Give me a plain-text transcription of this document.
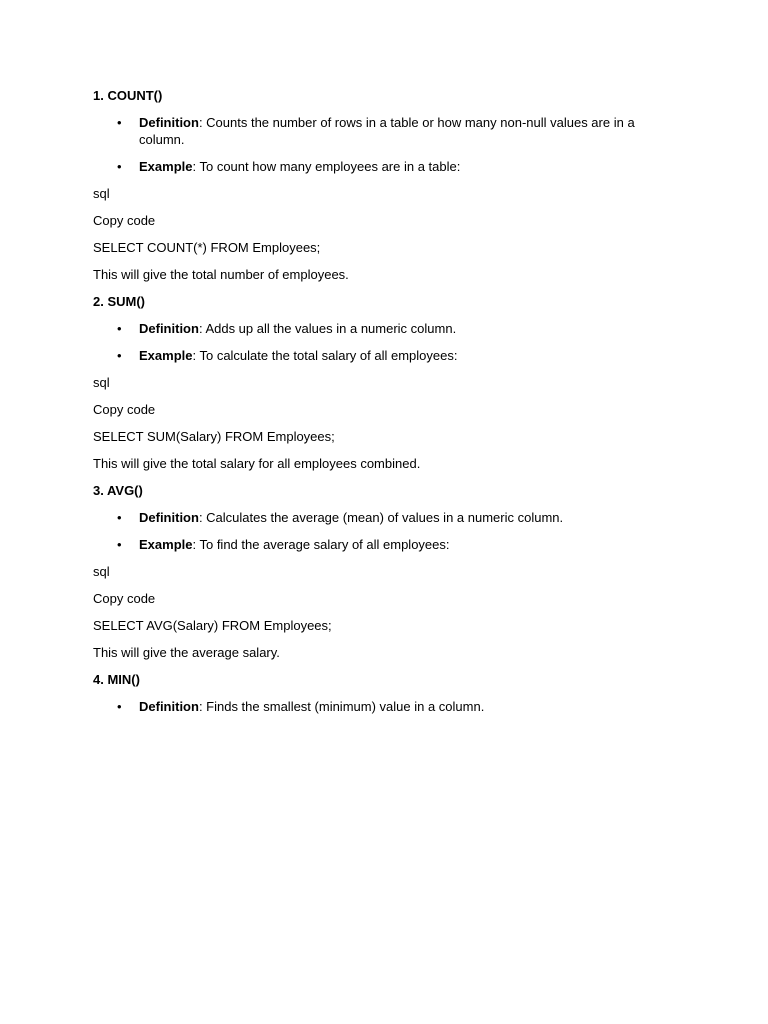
1. COUNT()
• Definition: Counts the number of rows in a table or how many non-null values are in a column.
• Example: To count how many employees are in a table:
sql
Copy code
SELECT COUNT(*) FROM Employees;
This will give the total number of employees.
2. SUM()
• Definition: Adds up all the values in a numeric column.
• Example: To calculate the total salary of all employees:
sql
Copy code
SELECT SUM(Salary) FROM Employees;
This will give the total salary for all employees combined.
3. AVG()
• Definition: Calculates the average (mean) of values in a numeric column.
• Example: To find the average salary of all employees:
sql
Copy code
SELECT AVG(Salary) FROM Employees;
This will give the average salary.
4. MIN()
• Definition: Finds the smallest (minimum) value in a column.
